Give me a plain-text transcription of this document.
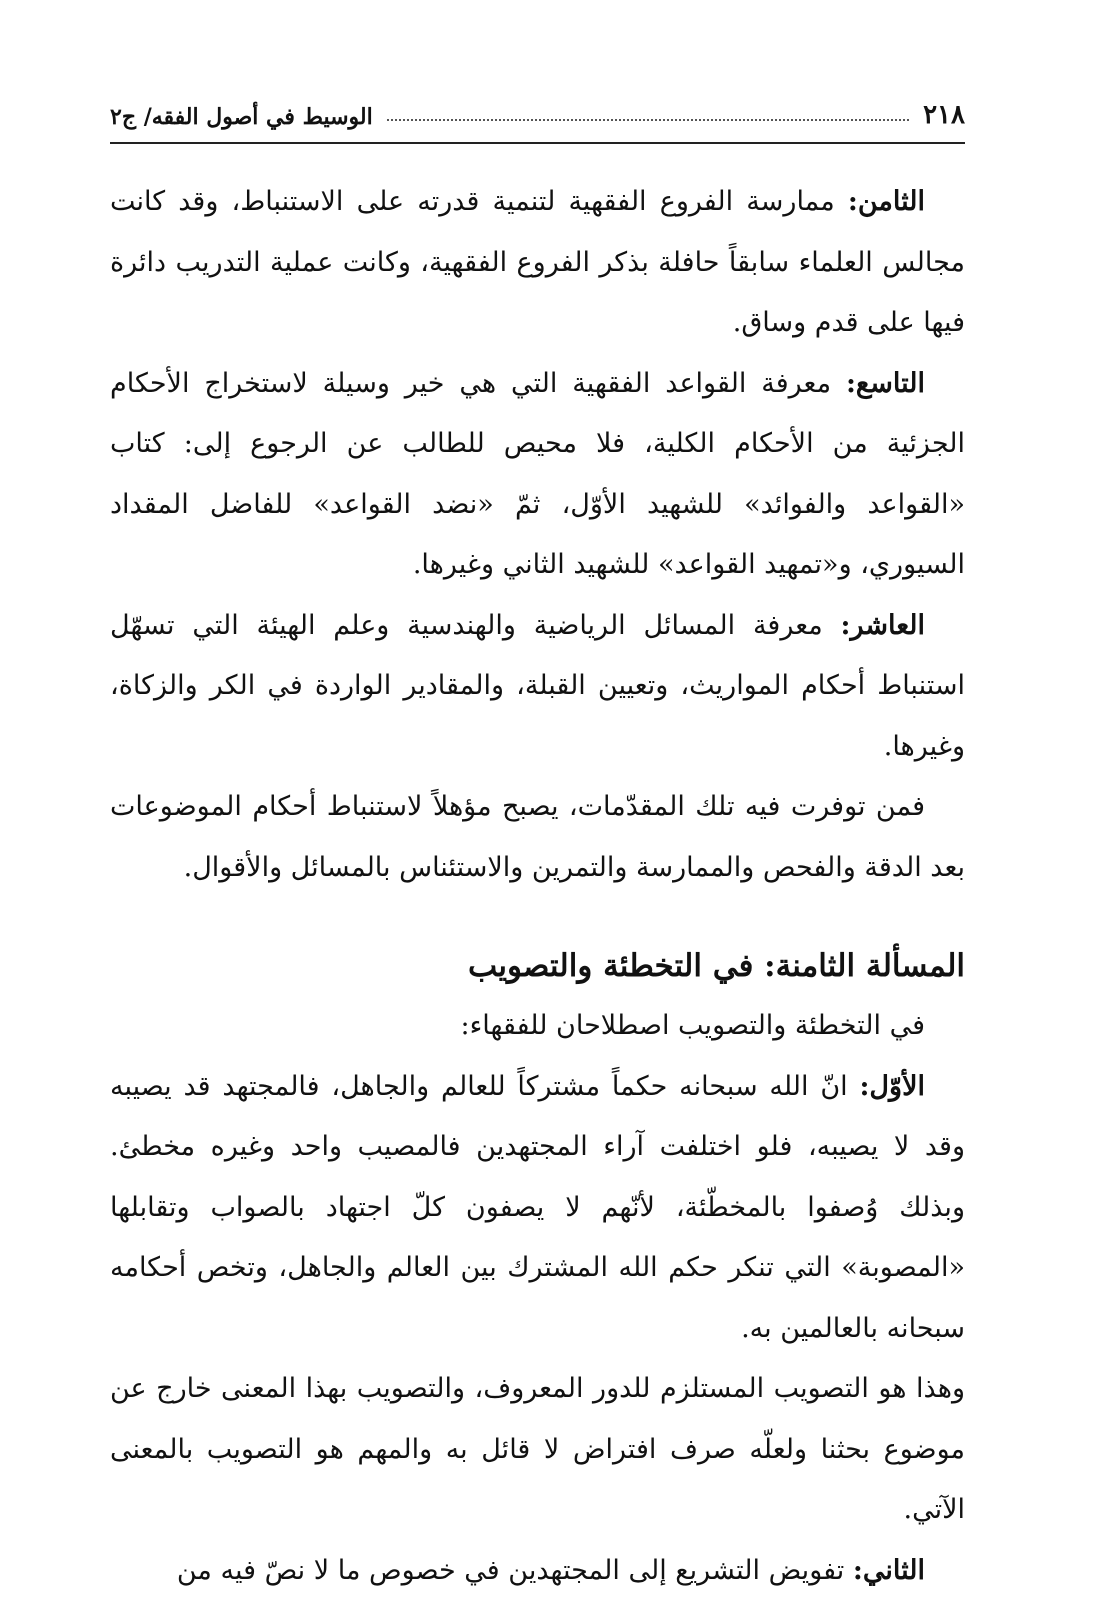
٢١٨
الوسيط في أصول الفقه/ ج٢

الثامن: ممارسة الفروع الفقهية لتنمية قدرته على الاستنباط، وقد كانت مجالس العلماء سابقاً حافلة بذكر الفروع الفقهية، وكانت عملية التدريب دائرة فيها على قدم وساق.

التاسع: معرفة القواعد الفقهية التي هي خير وسيلة لاستخراج الأحكام الجزئية من الأحكام الكلية، فلا محيص للطالب عن الرجوع إلى: كتاب «القواعد والفوائد» للشهيد الأوّل، ثمّ «نضد القواعد» للفاضل المقداد السيوري، و«تمهيد القواعد» للشهيد الثاني وغيرها.

العاشر: معرفة المسائل الرياضية والهندسية وعلم الهيئة التي تسهّل استنباط أحكام المواريث، وتعيين القبلة، والمقادير الواردة في الكر والزكاة، وغيرها.

فمن توفرت فيه تلك المقدّمات، يصبح مؤهلاً لاستنباط أحكام الموضوعات بعد الدقة والفحص والممارسة والتمرين والاستئناس بالمسائل والأقوال.

المسألة الثامنة: في التخطئة والتصويب

في التخطئة والتصويب اصطلاحان للفقهاء:

الأوّل: انّ الله سبحانه حكماً مشتركاً للعالم والجاهل، فالمجتهد قد يصيبه وقد لا يصيبه، فلو اختلفت آراء المجتهدين فالمصيب واحد وغيره مخطئ. وبذلك وُصفوا بالمخطّئة، لأنّهم لا يصفون كلّ اجتهاد بالصواب وتقابلها «المصوبة» التي تنكر حكم الله المشترك بين العالم والجاهل، وتخص أحكامه سبحانه بالعالمين به.

وهذا هو التصويب المستلزم للدور المعروف، والتصويب بهذا المعنى خارج عن موضوع بحثنا ولعلّه صرف افتراض لا قائل به والمهم هو التصويب بالمعنى الآتي.

الثاني: تفويض التشريع إلى المجتهدين في خصوص ما لا نصّ فيه من
